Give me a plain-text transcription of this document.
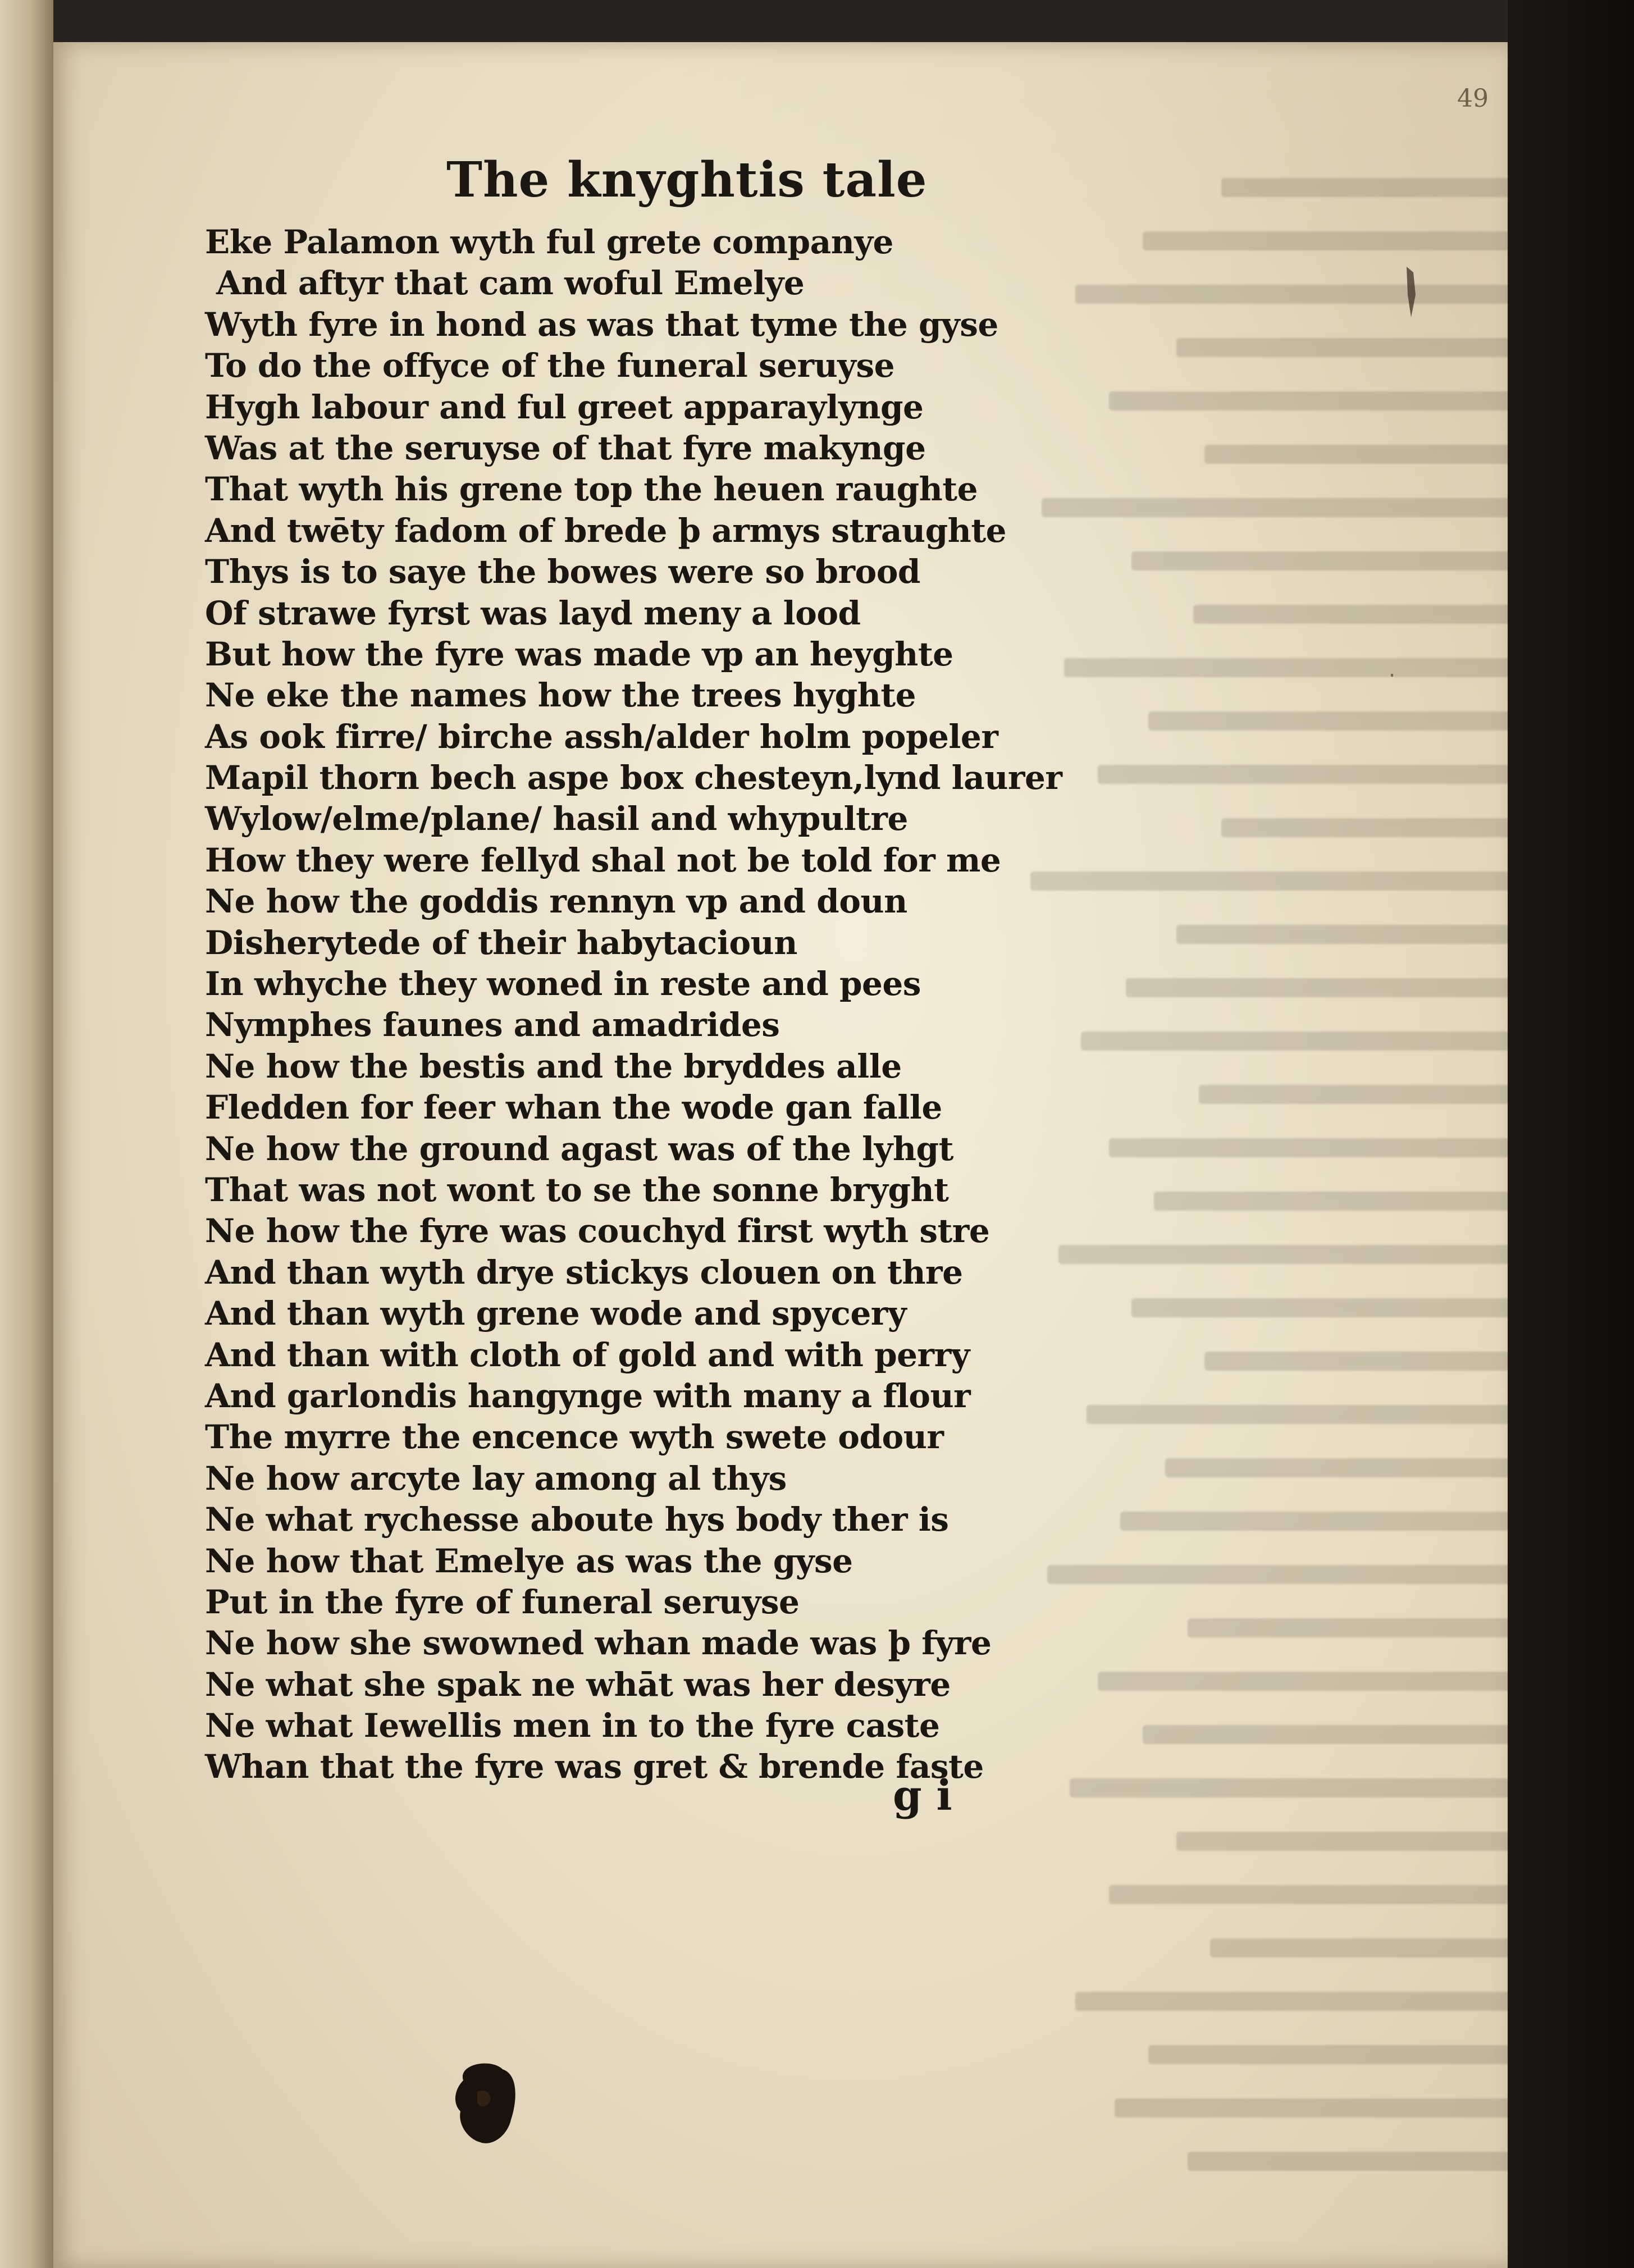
49
The knyghtis tale
Eke Palamon wyth ful grete companye
And aftyr that cam woful Emelye
Wyth fyre in hond as was that tyme the gyse
To do the offyce of the funeral seruyse
Hygh labour and ful greet apparaylynge
Was at the seruyse of that fyre makynge
That wyth his grene top the heuen raughte
And twēty fadom of brede þ armys straughte
Thys is to saye the bowes were so brood
Of strawe fyrst was layd meny a lood
But how the fyre was made vp an heyghte
Ne eke the names how the trees hyghte
As ook firre/ birche assh/alder holm popeler
Mapil thorn bech aspe box chesteyn,lynd laurer
Wylow/elme/plane/ hasil and whypultre
How they were fellyd shal not be told for me
Ne how the goddis rennyn vp and doun
Disherytede of their habytacioun
In whyche they woned in reste and pees
Nymphes faunes and amadrides
Ne how the bestis and the bryddes alle
Fledden for feer whan the wode gan falle
Ne how the ground agast was of the lyhgt
That was not wont to se the sonne bryght
Ne how the fyre was couchyd first wyth stre
And than wyth drye stickys clouen on thre
And than wyth grene wode and spycery
And than with cloth of gold and with perry
And garlondis hangynge with many a flour
The myrre the encence wyth swete odour
Ne how arcyte lay among al thys
Ne what rychesse aboute hys body ther is
Ne how that Emelye as was the gyse
Put in the fyre of funeral seruyse
Ne how she swowned whan made was þ fyre
Ne what she spak ne whāt was her desyre
Ne what Iewellis men in to the fyre caste
Whan that the fyre was gret & brende faste
g i
